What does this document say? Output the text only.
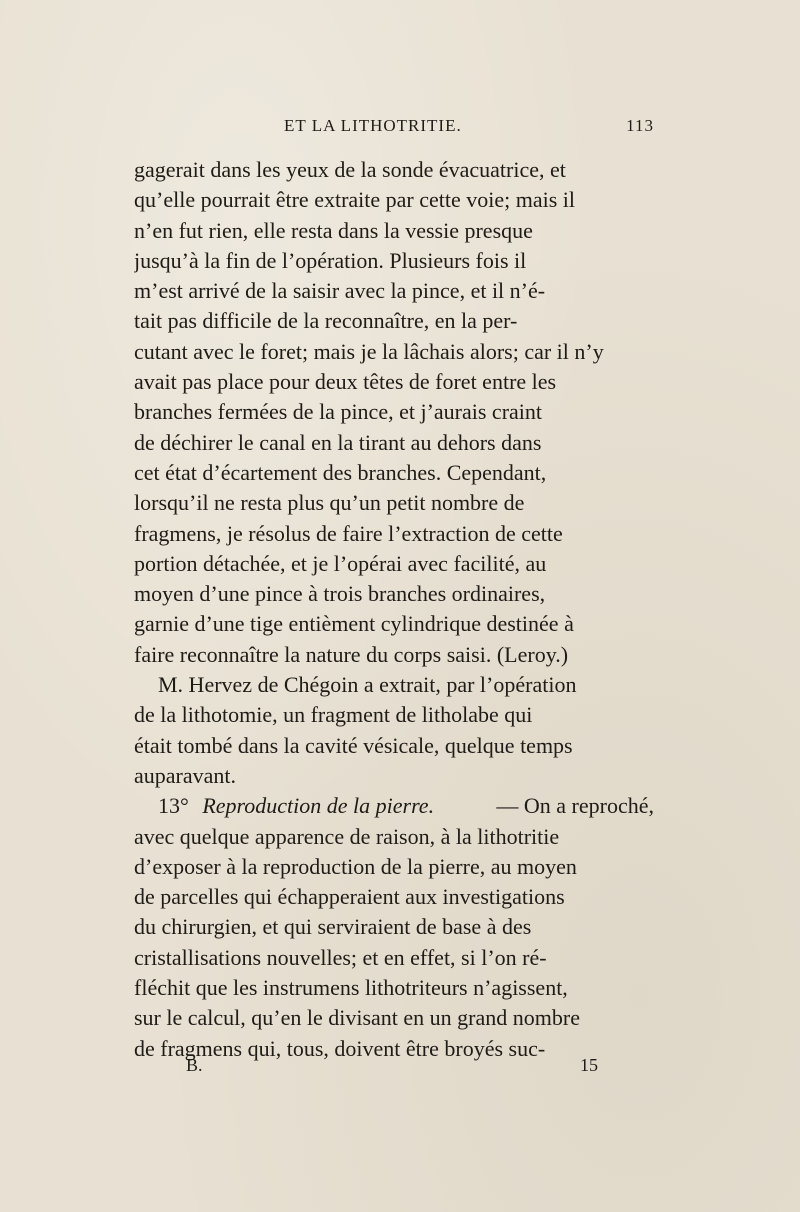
ET LA LITHOTRITIE.	113
gagerait dans les yeux de la sonde évacuatrice, et
qu’elle pourrait être extraite par cette voie; mais il
n’en fut rien, elle resta dans la vessie presque
jusqu’à la fin de l’opération. Plusieurs fois il
m’est arrivé de la saisir avec la pince, et il n’é-
tait pas difficile de la reconnaître, en la per-
cutant avec le foret; mais je la lâchais alors; car il n’y
avait pas place pour deux têtes de foret entre les
branches fermées de la pince, et j’aurais craint
de déchirer le canal en la tirant au dehors dans
cet état d’écartement des branches. Cependant,
lorsqu’il ne resta plus qu’un petit nombre de
fragmens, je résolus de faire l’extraction de cette
portion détachée, et je l’opérai avec facilité, au
moyen d’une pince à trois branches ordinaires,
garnie d’une tige entièment cylindrique destinée à
faire reconnaître la nature du corps saisi. (Leroy.)
M. Hervez de Chégoin a extrait, par l’opération
de la lithotomie, un fragment de litholabe qui
était tombé dans la cavité vésicale, quelque temps
auparavant.
13° Reproduction de la pierre.	— On a reproché,
avec quelque apparence de raison, à la lithotritie
d’exposer à la reproduction de la pierre, au moyen
de parcelles qui échapperaient aux investigations
du chirurgien, et qui serviraient de base à des
cristallisations nouvelles; et en effet, si l’on ré-
fléchit que les instrumens lithotriteurs n’agissent,
sur le calcul, qu’en le divisant en un grand nombre
de fragmens qui, tous, doivent être broyés suc-
B.	15
